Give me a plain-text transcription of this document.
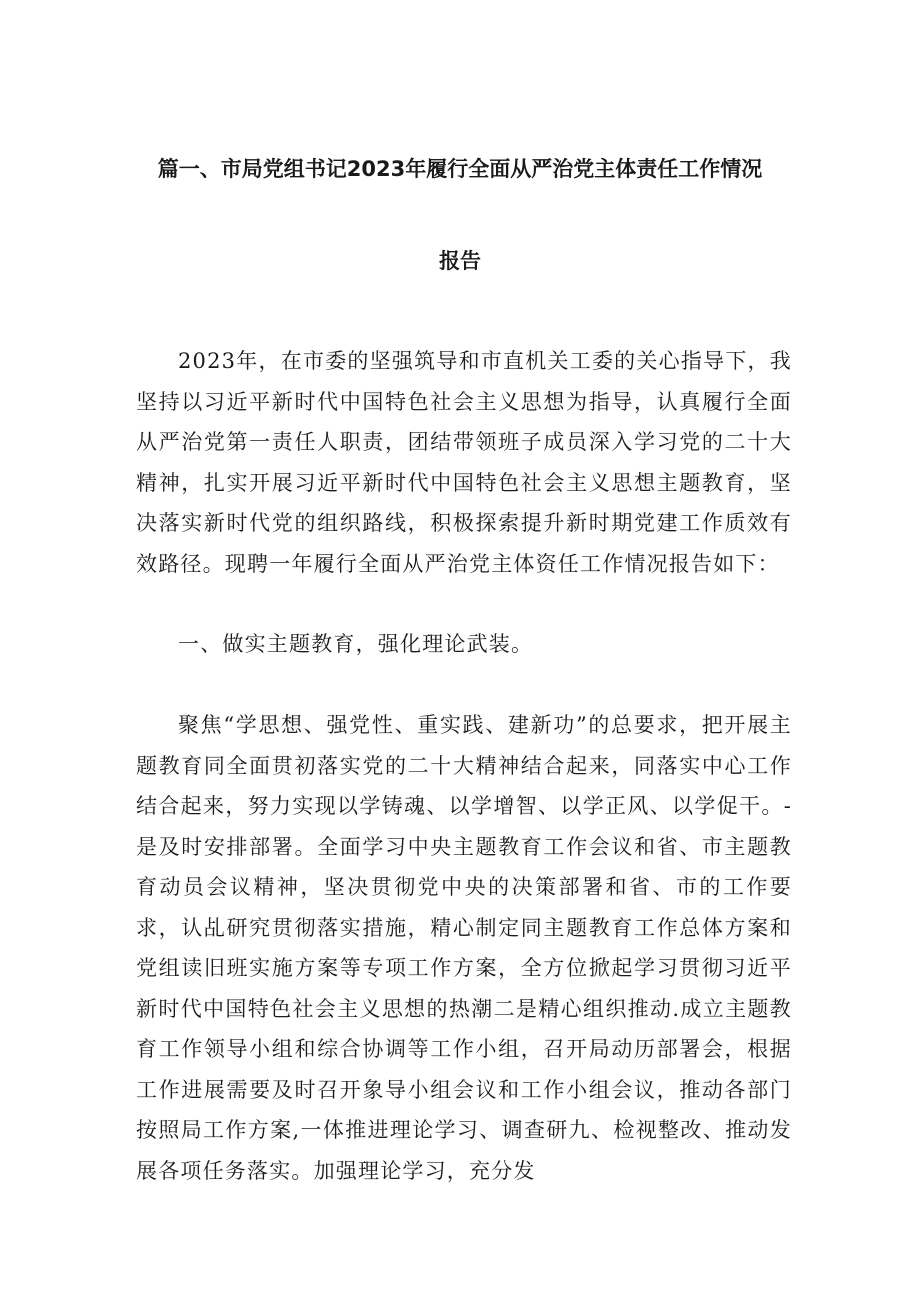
篇一、市局党组书记2023年履行全面从严治党主体责任工作情况
报告

2023年，在市委的坚强筑导和市直机关工委的关心指导下，我坚持以习近平新时代中国特色社会主义思想为指导，认真履行全面从严治党第一责任人职责，团结带领班子成员深入学习党的二十大精神，扎实开展习近平新时代中国特色社会主义思想主题教育，坚决落实新时代党的组织路线，积极探索提升新时期党建工作质效有效路径。现聘一年履行全面从严治党主体资任工作情况报告如下：

一、做实主题教育，强化理论武装。

聚焦“学思想、强党性、重实践、建新功”的总要求，把开展主题教育同全面贯初落实党的二十大精神结合起来，同落实中心工作结合起来，努力实现以学铸魂、以学增智、以学正风、以学促干。-是及时安排部署。全面学习中央主题教育工作会议和省、市主题教育动员会议精神，坚决贯彻党中央的决策部署和省、市的工作要求，认乩研究贯彻落实措施，精心制定同主题教育工作总体方案和党组读旧班实施方案等专项工作方案，全方位掀起学习贯彻习近平新时代中国特色社会主义思想的热潮二是精心组织推动.成立主题教育工作领导小组和综合协调等工作小组，召开局动历部署会，根据工作进展需要及时召开象导小组会议和工作小组会议，推动各部门按照局工作方案,一体推进理论学习、调查研九、检视整改、推动发展各项任务落实。加强理论学习，充分发
